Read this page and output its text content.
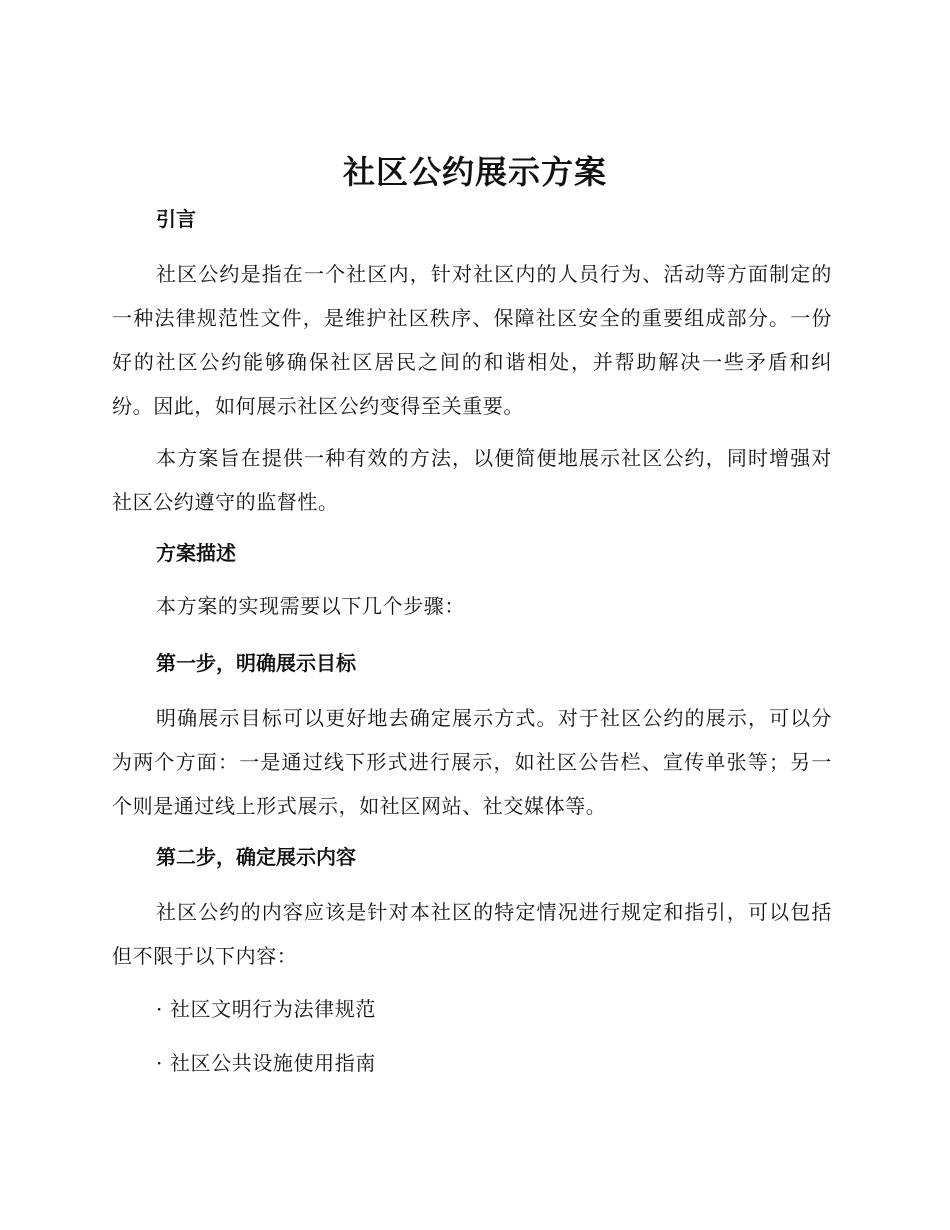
社区公约展示方案
引言

社区公约是指在一个社区内，针对社区内的人员行为、活动等方面制定的一种法律规范性文件，是维护社区秩序、保障社区安全的重要组成部分。一份好的社区公约能够确保社区居民之间的和谐相处，并帮助解决一些矛盾和纠纷。因此，如何展示社区公约变得至关重要。

本方案旨在提供一种有效的方法，以便简便地展示社区公约，同时增强对社区公约遵守的监督性。

方案描述

本方案的实现需要以下几个步骤：

第一步，明确展示目标

明确展示目标可以更好地去确定展示方式。对于社区公约的展示，可以分为两个方面：一是通过线下形式进行展示，如社区公告栏、宣传单张等；另一个则是通过线上形式展示，如社区网站、社交媒体等。

第二步，确定展示内容

社区公约的内容应该是针对本社区的特定情况进行规定和指引，可以包括但不限于以下内容：

· 社区文明行为法律规范
· 社区公共设施使用指南
